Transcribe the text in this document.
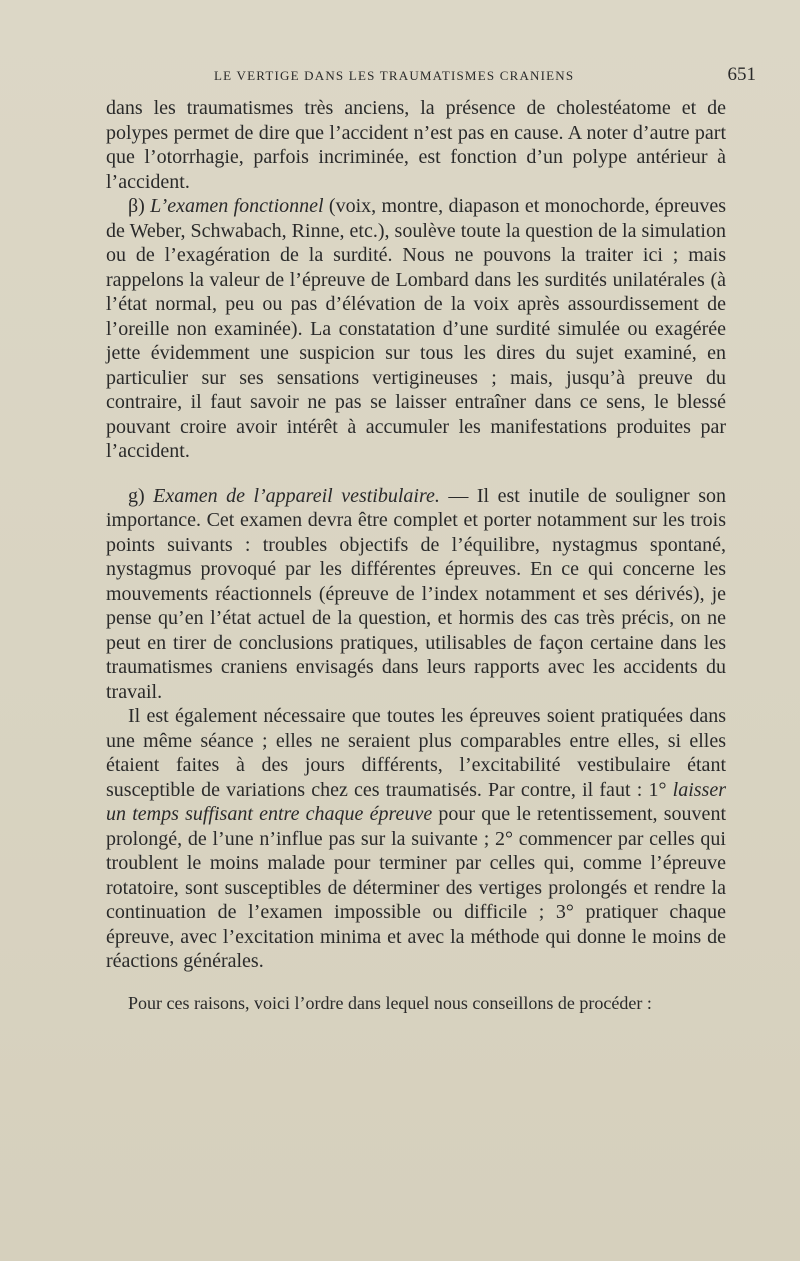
LE VERTIGE DANS LES TRAUMATISMES CRANIENS	651

dans les traumatismes très anciens, la présence de cholestéatome et de polypes permet de dire que l’accident n’est pas en cause. A noter d’autre part que l’otorrhagie, parfois incriminée, est fonction d’un polype antérieur à l’accident.

β) L’examen fonctionnel (voix, montre, diapason et monochorde, épreuves de Weber, Schwabach, Rinne, etc.), soulève toute la question de la simulation ou de l’exagération de la surdité. Nous ne pouvons la traiter ici ; mais rappelons la valeur de l’épreuve de Lombard dans les surdités unilatérales (à l’état normal, peu ou pas d’élévation de la voix après assourdissement de l’oreille non examinée). La constatation d’une surdité simulée ou exagérée jette évidemment une suspicion sur tous les dires du sujet examiné, en particulier sur ses sensations vertigineuses ; mais, jusqu’à preuve du contraire, il faut savoir ne pas se laisser entraîner dans ce sens, le blessé pouvant croire avoir intérêt à accumuler les manifestations produites par l’accident.

g) Examen de l’appareil vestibulaire. — Il est inutile de souligner son importance. Cet examen devra être complet et porter notamment sur les trois points suivants : troubles objectifs de l’équilibre, nystagmus spontané, nystagmus provoqué par les différentes épreuves. En ce qui concerne les mouvements réactionnels (épreuve de l’index notamment et ses dérivés), je pense qu’en l’état actuel de la question, et hormis des cas très précis, on ne peut en tirer de conclusions pratiques, utilisables de façon certaine dans les traumatismes craniens envisagés dans leurs rapports avec les accidents du travail.

Il est également nécessaire que toutes les épreuves soient pratiquées dans une même séance ; elles ne seraient plus comparables entre elles, si elles étaient faites à des jours différents, l’excitabilité vestibulaire étant susceptible de variations chez ces traumatisés. Par contre, il faut : 1° laisser un temps suffisant entre chaque épreuve pour que le retentissement, souvent prolongé, de l’une n’influe pas sur la suivante ; 2° commencer par celles qui troublent le moins malade pour terminer par celles qui, comme l’épreuve rotatoire, sont susceptibles de déterminer des vertiges prolongés et rendre la continuation de l’examen impossible ou difficile ; 3° pratiquer chaque épreuve, avec l’excitation minima et avec la méthode qui donne le moins de réactions générales.

Pour ces raisons, voici l’ordre dans lequel nous conseillons de procéder :
